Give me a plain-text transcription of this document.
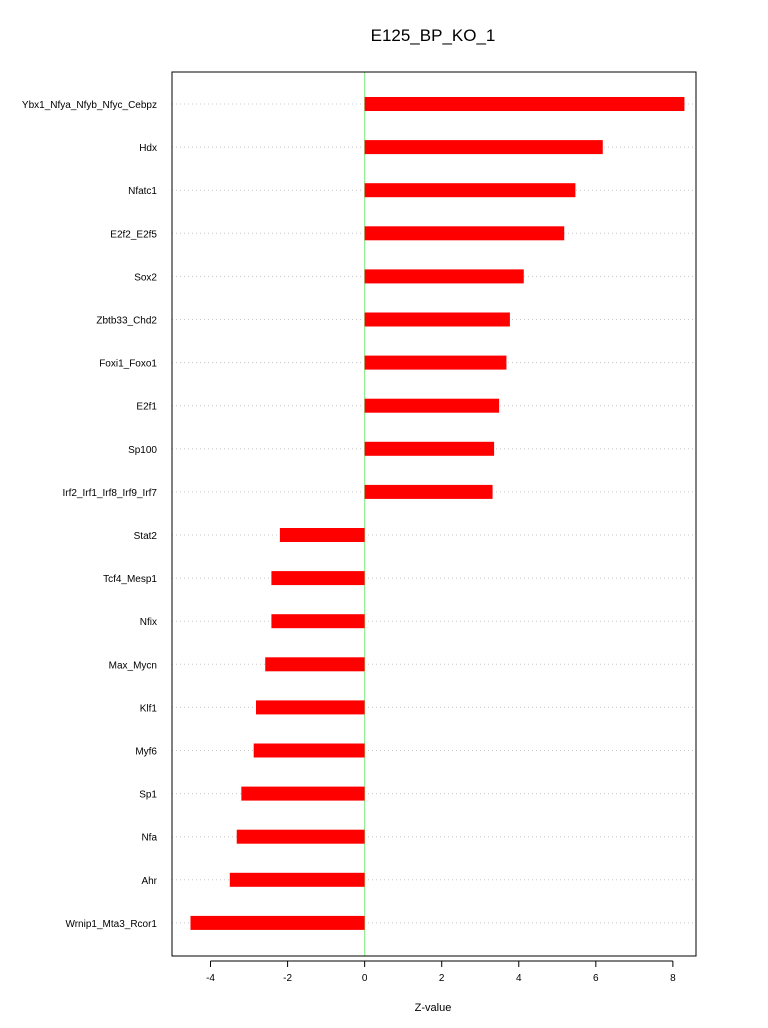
E125_BP_KO_1
Ybx1_Nfya_Nfyb_Nfyc_Cebpz
Hdx
Nfatc1
E2f2_E2f5
Sox2
Zbtb33_Chd2
Foxi1_Foxo1
E2f1
Sp100
Irf2_Irf1_Irf8_Irf9_Irf7
Stat2
Tcf4_Mesp1
Nfix
Max_Mycn
Klf1
Myf6
Sp1
Nfa
Ahr
Wrnip1_Mta3_Rcor1
-4	-2	0	2	4	6	8
Z-value
